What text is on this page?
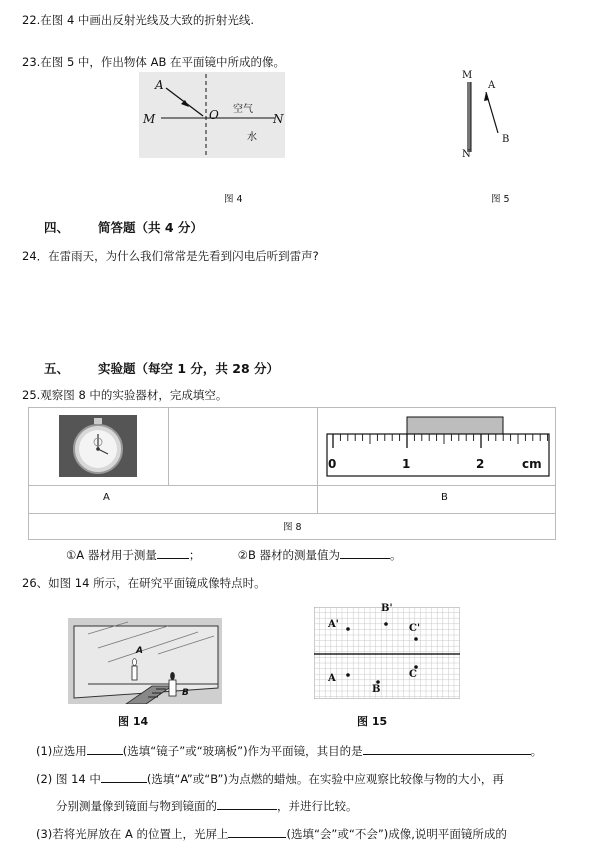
22.在图 4 中画出反射光线及大致的折射光线.
23.在图 5 中，作出物体 AB 在平面镜中所成的像。
A
O
M	N
空气
水
图 4
M
N
A
B
图 5
四、 简答题（共 4 分）
24．在雷雨天，为什么我们常常是先看到闪电后听到雷声?
五、 实验题（每空 1 分，共 28 分）
25.观察图 8 中的实验器材，完成填空。
0	1	2	cm
A	B
图 8
①A 器材用于测量	；	②B 器材的测量值为	。
26、如图 14 所示，在研究平面镜成像特点时。
A
B
图 14
A'
B'
C'
A
B
C
图 15
(1)应选用	(选填“镜子”或“玻璃板”)作为平面镜，其目的是	。
(2) 图 14 中	(选填“A”或“B”)为点燃的蜡烛。在实验中应观察比较像与物的大小，再
分别测量像到镜面与物到镜面的	，并进行比较。
(3)若将光屏放在 A 的位置上，光屏上	(选填“会”或“不会”)成像,说明平面镜所成的
